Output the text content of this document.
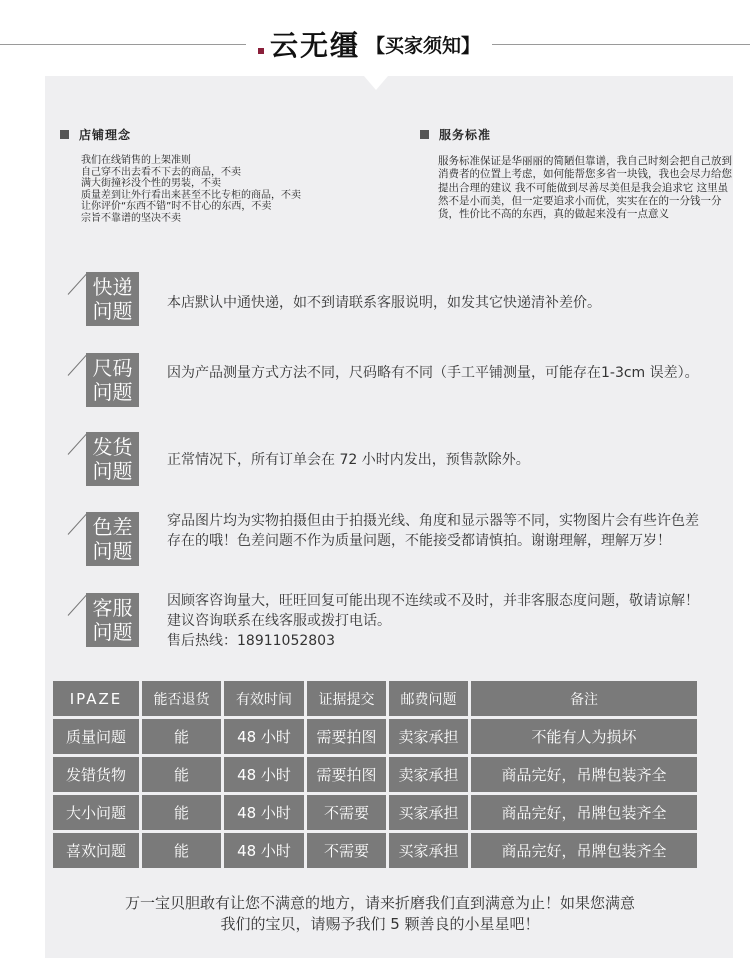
云无缰 【买家须知】
店铺理念
我们在线销售的上架准则
自己穿不出去看不下去的商品，不卖
满大街撞衫没个性的男装，不卖
质量差到让外行看出来甚至不比专柜的商品，不卖
让你评价“东西不错”时不甘心的东西，不卖
宗旨不靠谱的坚决不卖
服务标准
服务标准保证是华丽丽的简陋但靠谱，我自己时刻会把自己放到消费者的位置上考虑，如何能帮您多省一块钱，我也会尽力给您提出合理的建议 我不可能做到尽善尽美但是我会追求它 这里虽然不是小而美，但一定要追求小而优，实实在在的一分钱一分货，性价比不高的东西，真的做起来没有一点意义
快递
问题	本店默认中通快递，如不到请联系客服说明，如发其它快递清补差价。
尺码
问题
因为产品测量方式方法不同，尺码略有不同（手工平铺测量，可能存在1-3cm 误差）。
发货
问题	正常情况下，所有订单会在 72 小时内发出，预售款除外。
色差
问题
穿品图片均为实物拍摄但由于拍摄光线、角度和显示器等不同，实物图片会有些许色差存在的哦！色差问题不作为质量问题，不能接受都请慎拍。谢谢理解，理解万岁！
客服
问题
因顾客咨询量大，旺旺回复可能出现不连续或不及时，并非客服态度问题，敬请谅解！建议咨询联系在线客服或拨打电话。
售后热线：18911052803
IPAZE	能否退货	有效时间	证据提交	邮费问题	备注
质量问题	能	48 小时	需要拍图	卖家承担	不能有人为损坏
发错货物	能	48 小时	需要拍图	卖家承担	商品完好，吊牌包装齐全
大小问题	能	48 小时	不需要	买家承担	商品完好，吊牌包装齐全
喜欢问题	能	48 小时	不需要	买家承担	商品完好，吊牌包装齐全
万一宝贝胆敢有让您不满意的地方，请来折磨我们直到满意为止！如果您满意
我们的宝贝，请赐予我们 5 颗善良的小星星吧！
